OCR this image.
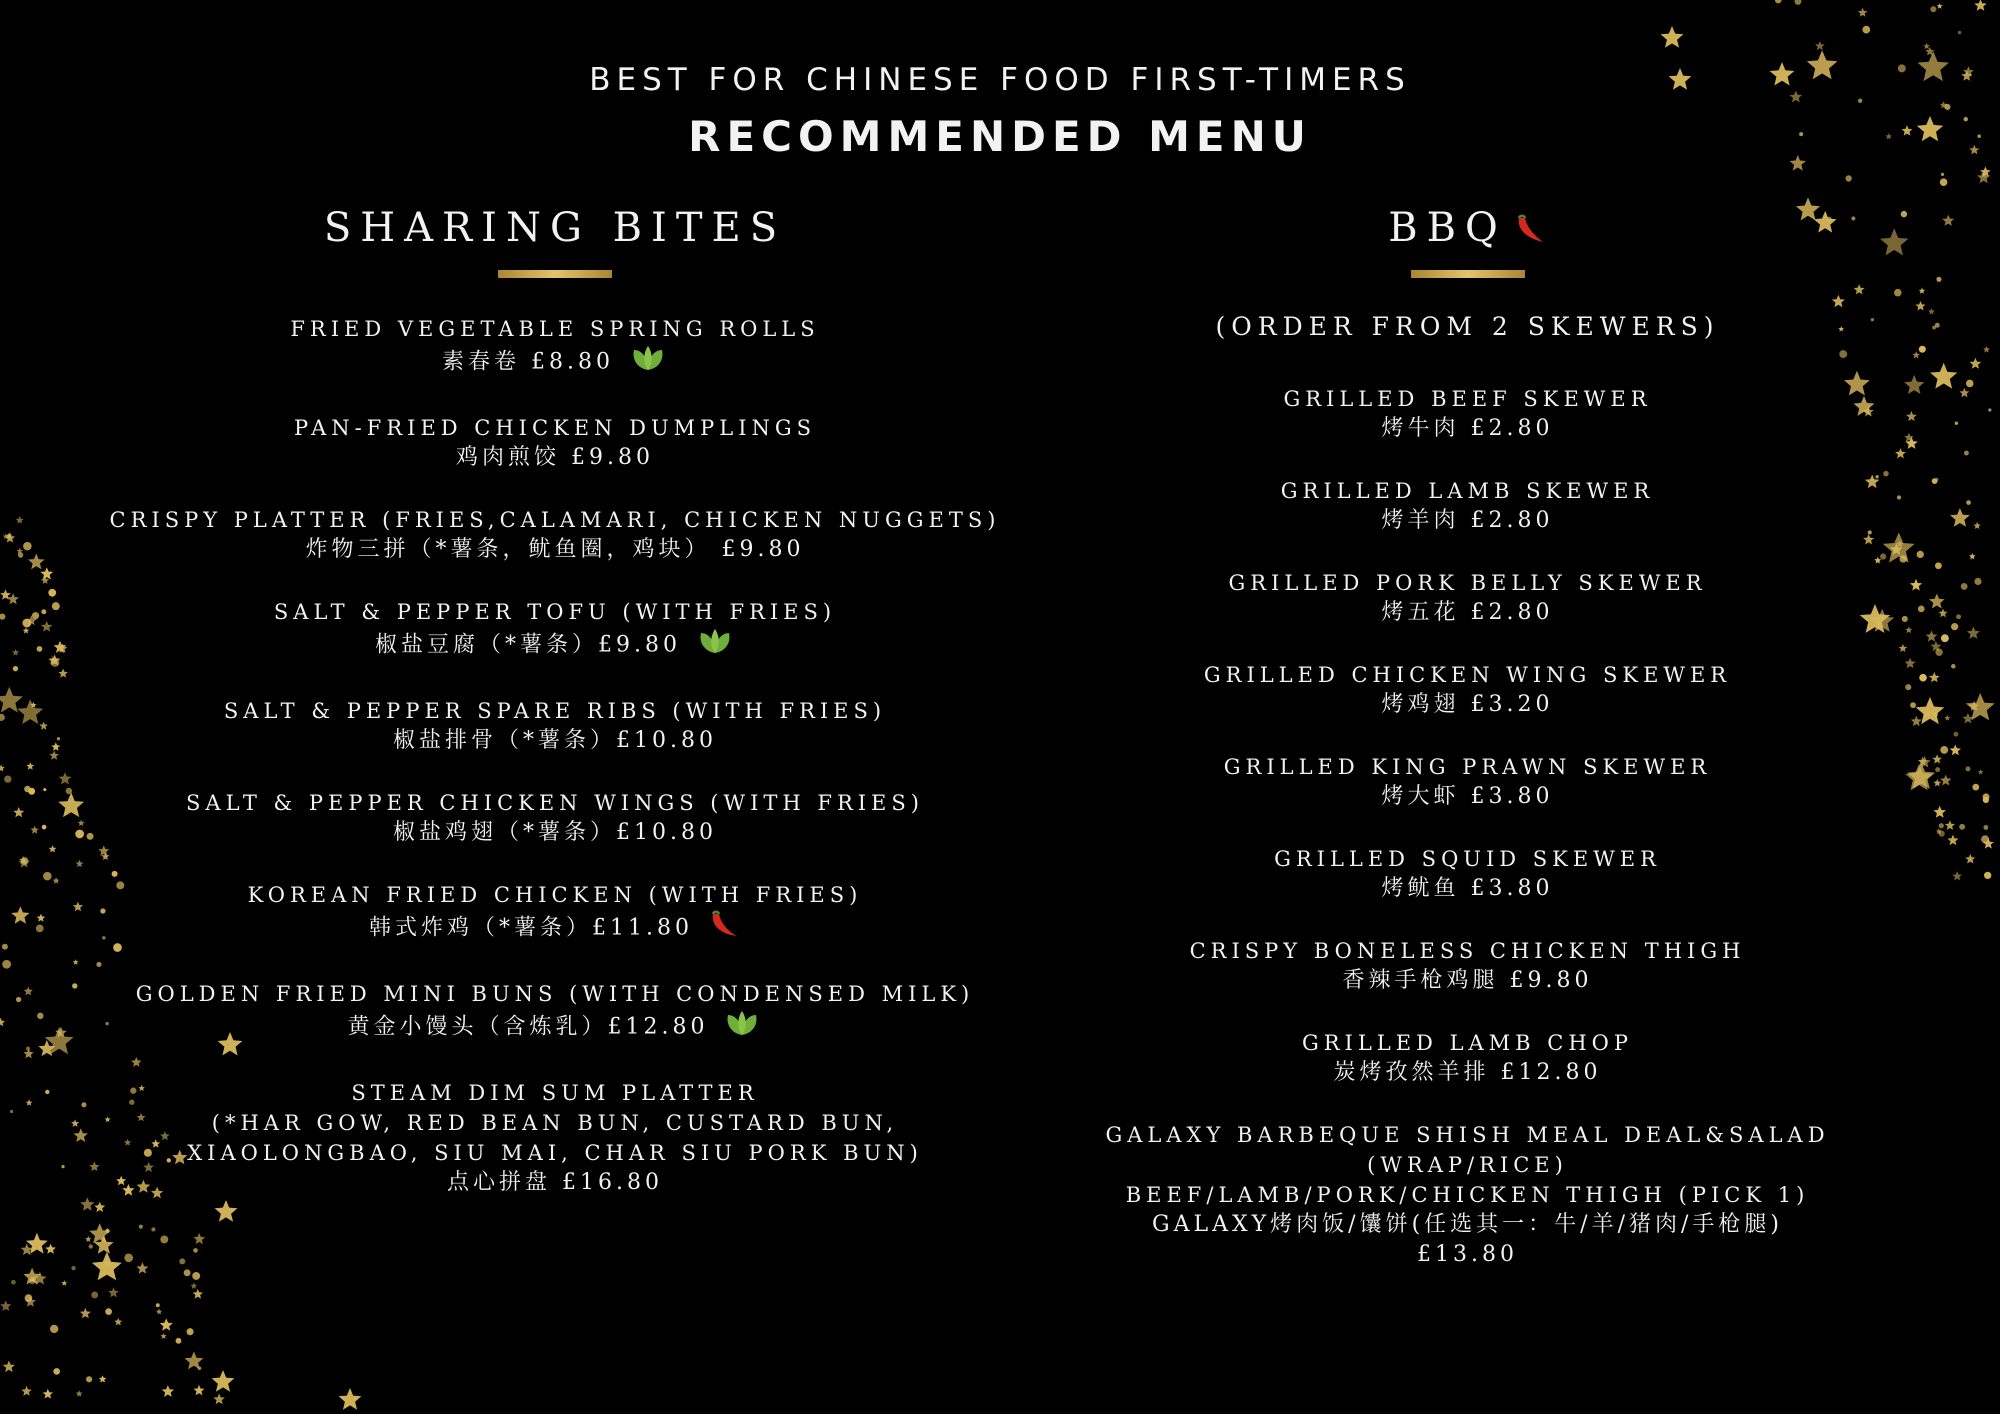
BEST FOR CHINESE FOOD FIRST-TIMERS
RECOMMENDED MENU
SHARING BITES
FRIED VEGETABLE SPRING ROLLS
素春卷 £8.80
PAN-FRIED CHICKEN DUMPLINGS
鸡肉煎饺 £9.80
CRISPY PLATTER (FRIES,CALAMARI, CHICKEN NUGGETS)
炸物三拼（*薯条，鱿鱼圈，鸡块） £9.80
SALT & PEPPER TOFU (WITH FRIES)
椒盐豆腐（*薯条）£9.80
SALT & PEPPER SPARE RIBS (WITH FRIES)
椒盐排骨（*薯条）£10.80
SALT & PEPPER CHICKEN WINGS (WITH FRIES)
椒盐鸡翅（*薯条）£10.80
KOREAN FRIED CHICKEN (WITH FRIES)
韩式炸鸡（*薯条）£11.80
GOLDEN FRIED MINI BUNS (WITH CONDENSED MILK)
黄金小馒头（含炼乳）£12.80
STEAM DIM SUM PLATTER
(*HAR GOW, RED BEAN BUN, CUSTARD BUN,
XIAOLONGBAO, SIU MAI, CHAR SIU PORK BUN)
点心拼盘 £16.80
BBQ
(ORDER FROM 2 SKEWERS)
GRILLED BEEF SKEWER
烤牛肉 £2.80
GRILLED LAMB SKEWER
烤羊肉 £2.80
GRILLED PORK BELLY SKEWER
烤五花 £2.80
GRILLED CHICKEN WING SKEWER
烤鸡翅 £3.20
GRILLED KING PRAWN SKEWER
烤大虾 £3.80
GRILLED SQUID SKEWER
烤鱿鱼 £3.80
CRISPY BONELESS CHICKEN THIGH
香辣手枪鸡腿 £9.80
GRILLED LAMB CHOP
炭烤孜然羊排 £12.80
GALAXY BARBEQUE SHISH MEAL DEAL&SALAD
(WRAP/RICE)
BEEF/LAMB/PORK/CHICKEN THIGH (PICK 1)
GALAXY烤肉饭/馕饼(任选其一：牛/羊/猪肉/手枪腿)
£13.80
